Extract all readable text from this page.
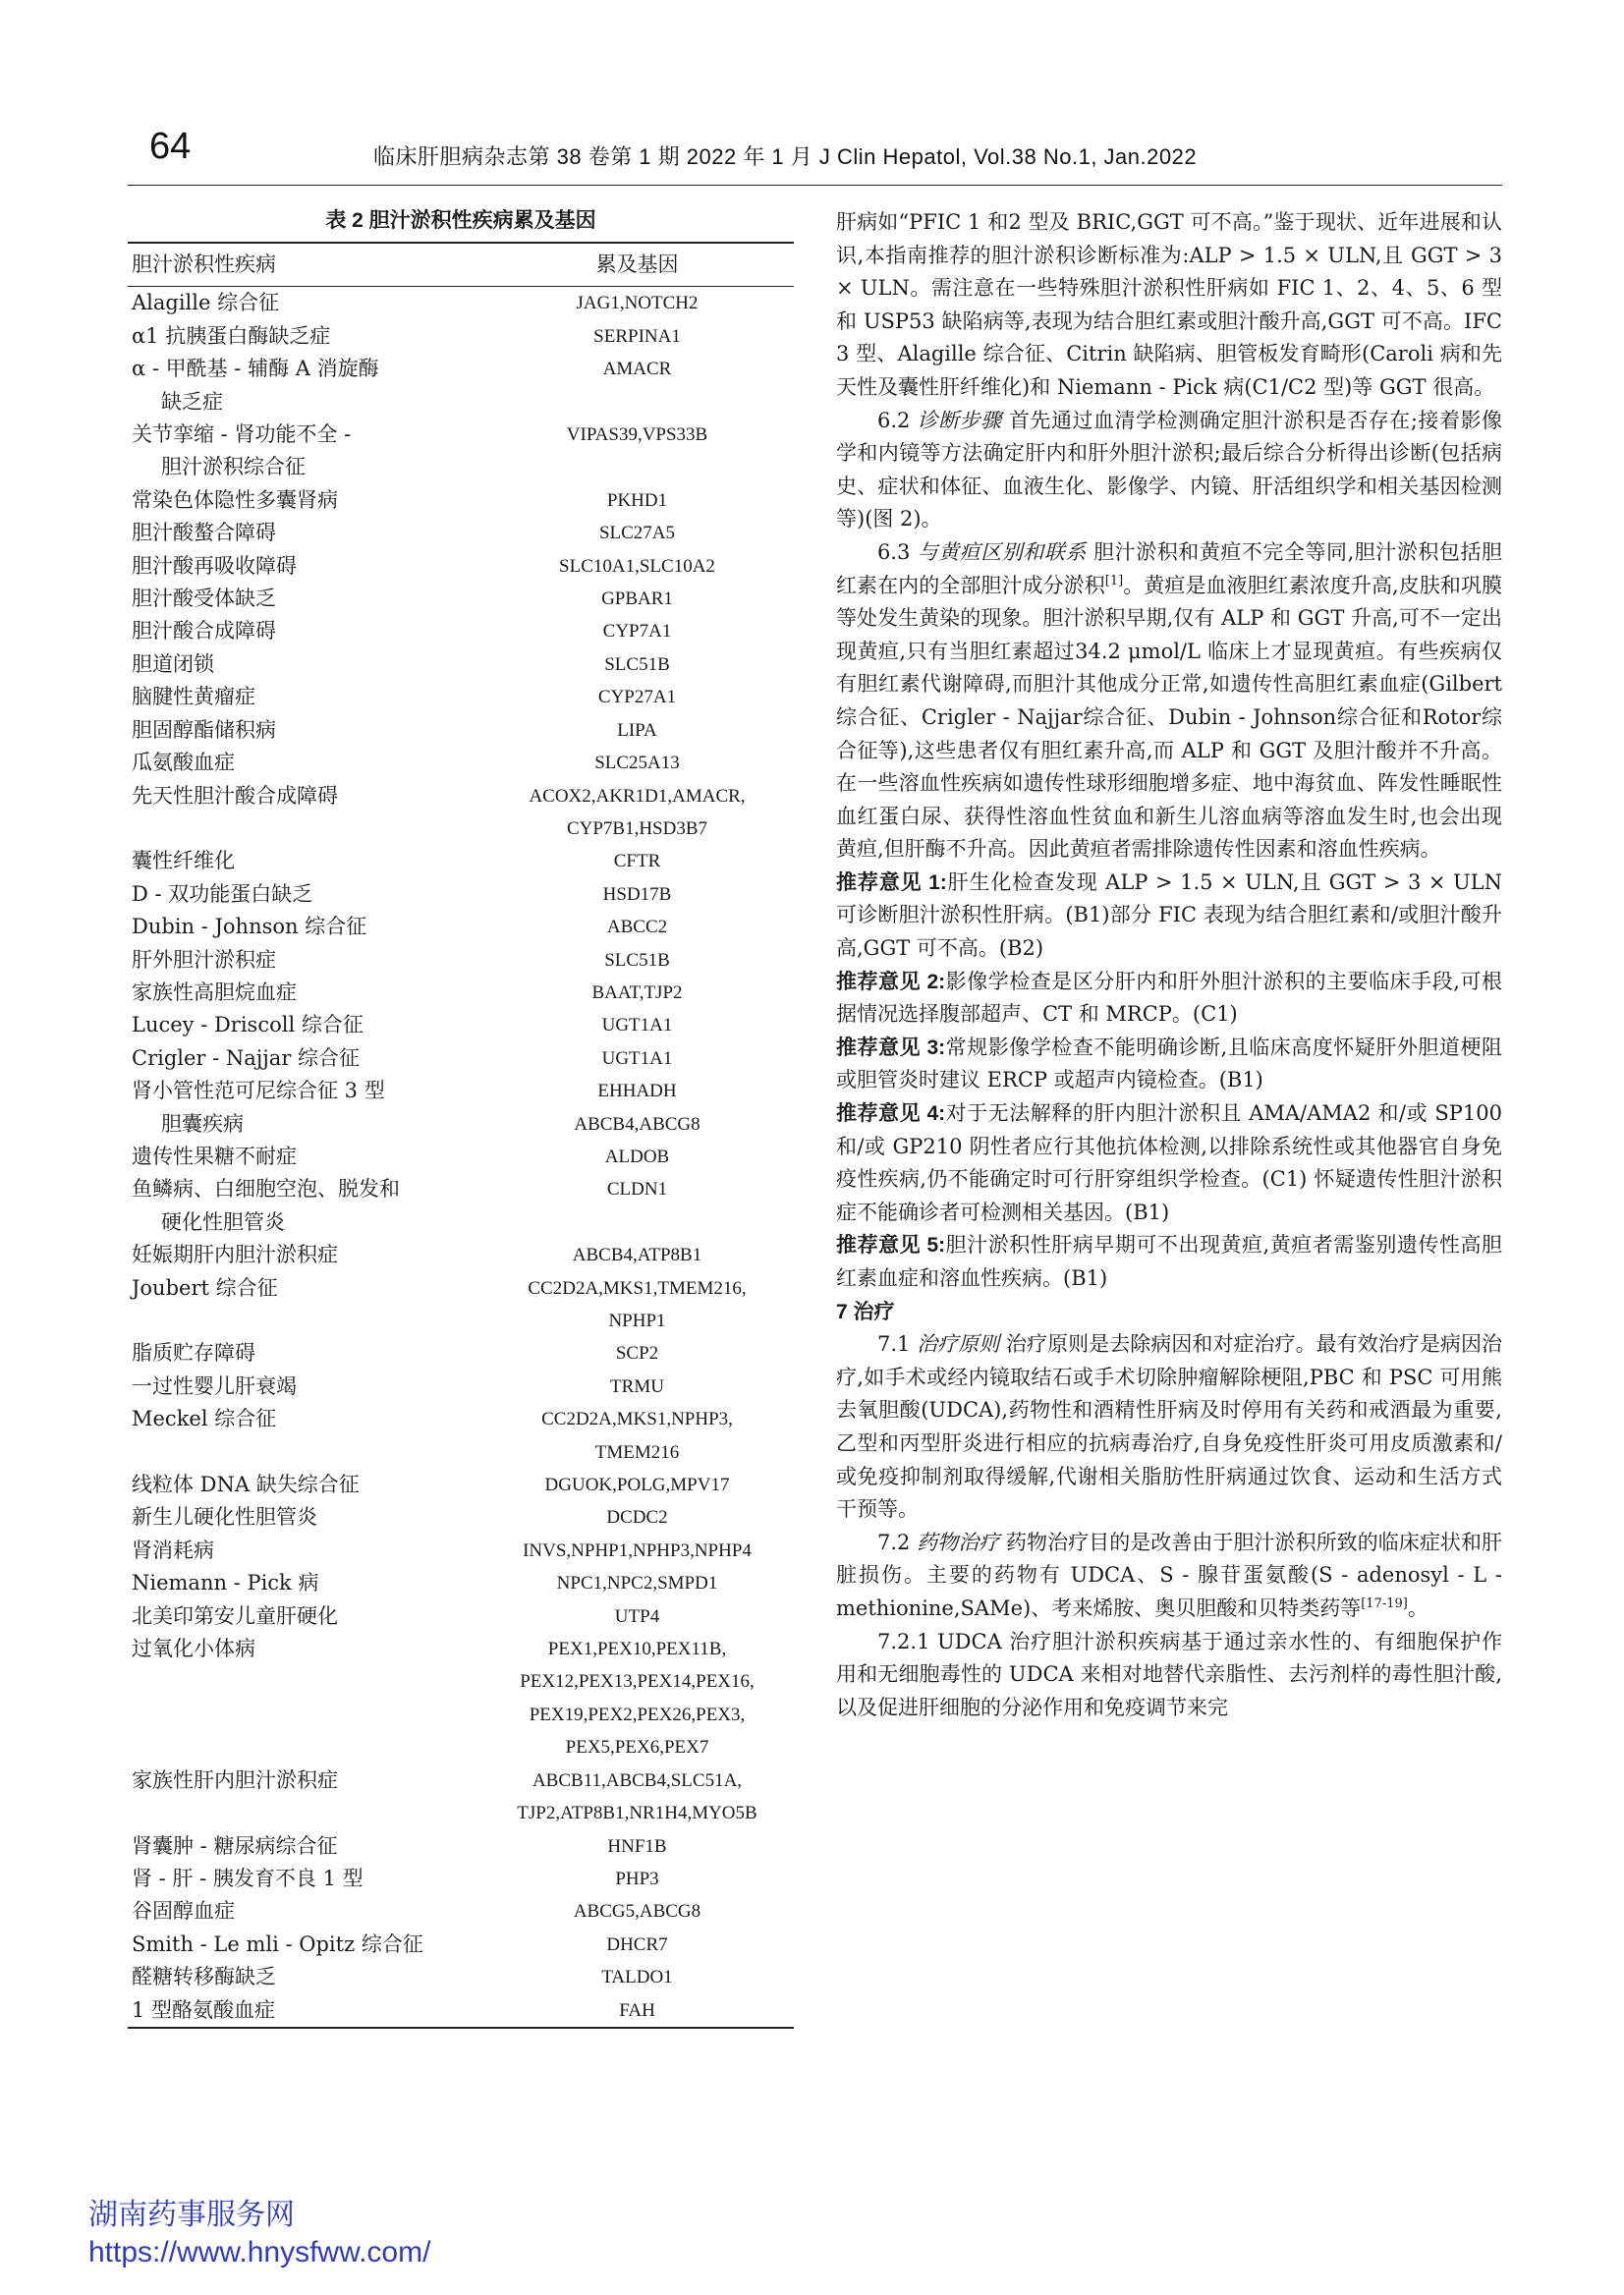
64	临床肝胆病杂志第 38 卷第 1 期 2022 年 1 月 J Clin Hepatol, Vol.38 No.1, Jan.2022
表 2 胆汁淤积性疾病累及基因
胆汁淤积性疾病	累及基因
Alagille 综合征	JAG1,NOTCH2

α1 抗胰蛋白酶缺乏症	SERPINA1

α - 甲酰基 - 辅酶 A 消旋酶
缺乏症	AMACR

关节挛缩 - 肾功能不全 -
胆汁淤积综合征	VIPAS39,VPS33B

常染色体隐性多囊肾病	PKHD1

胆汁酸螯合障碍	SLC27A5

胆汁酸再吸收障碍	SLC10A1,SLC10A2

胆汁酸受体缺乏	GPBAR1

胆汁酸合成障碍	CYP7A1

胆道闭锁	SLC51B

脑腱性黄瘤症	CYP27A1

胆固醇酯储积病	LIPA

瓜氨酸血症	SLC25A13

先天性胆汁酸合成障碍	ACOX2,AKR1D1,AMACR,
CYP7B1,HSD3B7

囊性纤维化	CFTR

D - 双功能蛋白缺乏	HSD17B

Dubin - Johnson 综合征	ABCC2

肝外胆汁淤积症	SLC51B

家族性高胆烷血症	BAAT,TJP2

Lucey - Driscoll 综合征	UGT1A1

Crigler - Najjar 综合征	UGT1A1

肾小管性范可尼综合征 3 型	EHHADH

胆囊疾病	ABCB4,ABCG8

遗传性果糖不耐症	ALDOB

鱼鳞病、白细胞空泡、脱发和
硬化性胆管炎	CLDN1

妊娠期肝内胆汁淤积症	ABCB4,ATP8B1

Joubert 综合征	CC2D2A,MKS1,TMEM216,
NPHP1

脂质贮存障碍	SCP2

一过性婴儿肝衰竭	TRMU

Meckel 综合征	CC2D2A,MKS1,NPHP3,
TMEM216

线粒体 DNA 缺失综合征	DGUOK,POLG,MPV17

新生儿硬化性胆管炎	DCDC2

肾消耗病	INVS,NPHP1,NPHP3,NPHP4

Niemann - Pick 病	NPC1,NPC2,SMPD1

北美印第安儿童肝硬化	UTP4

过氧化小体病	PEX1,PEX10,PEX11B,
PEX12,PEX13,PEX14,PEX16,
PEX19,PEX2,PEX26,PEX3,
PEX5,PEX6,PEX7

家族性肝内胆汁淤积症	ABCB11,ABCB4,SLC51A,
TJP2,ATP8B1,NR1H4,MYO5B

肾囊肿 - 糖尿病综合征	HNF1B

肾 - 肝 - 胰发育不良 1 型	PHP3

谷固醇血症	ABCG5,ABCG8

Smith - Le mli - Opitz 综合征	DHCR7

醛糖转移酶缺乏	TALDO1

1 型酪氨酸血症	FAH

肝病如“PFIC 1 和2 型及 BRIC,GGT 可不高。”鉴于现状、近年进展和认识,本指南推荐的胆汁淤积诊断标准为:ALP > 1.5 × ULN,且 GGT > 3 × ULN。需注意在一些特殊胆汁淤积性肝病如 FIC 1、2、4、5、6 型和 USP53 缺陷病等,表现为结合胆红素或胆汁酸升高,GGT 可不高。IFC 3 型、Alagille 综合征、Citrin 缺陷病、胆管板发育畸形(Caroli 病和先天性及囊性肝纤维化)和 Niemann - Pick 病(C1/C2 型)等 GGT 很高。

6.2 诊断步骤 首先通过血清学检测确定胆汁淤积是否存在;接着影像学和内镜等方法确定肝内和肝外胆汁淤积;最后综合分析得出诊断(包括病史、症状和体征、血液生化、影像学、内镜、肝活组织学和相关基因检测等)(图 2)。

6.3 与黄疸区别和联系 胆汁淤积和黄疸不完全等同,胆汁淤积包括胆红素在内的全部胆汁成分淤积[1]。黄疸是血液胆红素浓度升高,皮肤和巩膜等处发生黄染的现象。胆汁淤积早期,仅有 ALP 和 GGT 升高,可不一定出现黄疸,只有当胆红素超过34.2 μmol/L 临床上才显现黄疸。有些疾病仅有胆红素代谢障碍,而胆汁其他成分正常,如遗传性高胆红素血症(Gilbert综合征、Crigler - Najjar综合征、Dubin - Johnson综合征和Rotor综合征等),这些患者仅有胆红素升高,而 ALP 和 GGT 及胆汁酸并不升高。在一些溶血性疾病如遗传性球形细胞增多症、地中海贫血、阵发性睡眠性血红蛋白尿、获得性溶血性贫血和新生儿溶血病等溶血发生时,也会出现黄疸,但肝酶不升高。因此黄疸者需排除遗传性因素和溶血性疾病。

推荐意见 1:肝生化检查发现 ALP > 1.5 × ULN,且 GGT > 3 × ULN 可诊断胆汁淤积性肝病。(B1)部分 FIC 表现为结合胆红素和/或胆汁酸升高,GGT 可不高。(B2)

推荐意见 2:影像学检查是区分肝内和肝外胆汁淤积的主要临床手段,可根据情况选择腹部超声、CT 和 MRCP。(C1)

推荐意见 3:常规影像学检查不能明确诊断,且临床高度怀疑肝外胆道梗阻或胆管炎时建议 ERCP 或超声内镜检查。(B1)

推荐意见 4:对于无法解释的肝内胆汁淤积且 AMA/AMA2 和/或 SP100 和/或 GP210 阴性者应行其他抗体检测,以排除系统性或其他器官自身免疫性疾病,仍不能确定时可行肝穿组织学检查。(C1) 怀疑遗传性胆汁淤积症不能确诊者可检测相关基因。(B1)

推荐意见 5:胆汁淤积性肝病早期可不出现黄疸,黄疸者需鉴别遗传性高胆红素血症和溶血性疾病。(B1)

7 治疗

7.1 治疗原则 治疗原则是去除病因和对症治疗。最有效治疗是病因治疗,如手术或经内镜取结石或手术切除肿瘤解除梗阻,PBC 和 PSC 可用熊去氧胆酸(UDCA),药物性和酒精性肝病及时停用有关药和戒酒最为重要,乙型和丙型肝炎进行相应的抗病毒治疗,自身免疫性肝炎可用皮质激素和/或免疫抑制剂取得缓解,代谢相关脂肪性肝病通过饮食、运动和生活方式干预等。

7.2 药物治疗 药物治疗目的是改善由于胆汁淤积所致的临床症状和肝脏损伤。主要的药物有 UDCA、S - 腺苷蛋氨酸(S - adenosyl - L - methionine,SAMe)、考来烯胺、奥贝胆酸和贝特类药等[17-19]。

7.2.1 UDCA 治疗胆汁淤积疾病基于通过亲水性的、有细胞保护作用和无细胞毒性的 UDCA 来相对地替代亲脂性、去污剂样的毒性胆汁酸,以及促进肝细胞的分泌作用和免疫调节来完

湖南药事服务网
https://www.hnysfww.com/
